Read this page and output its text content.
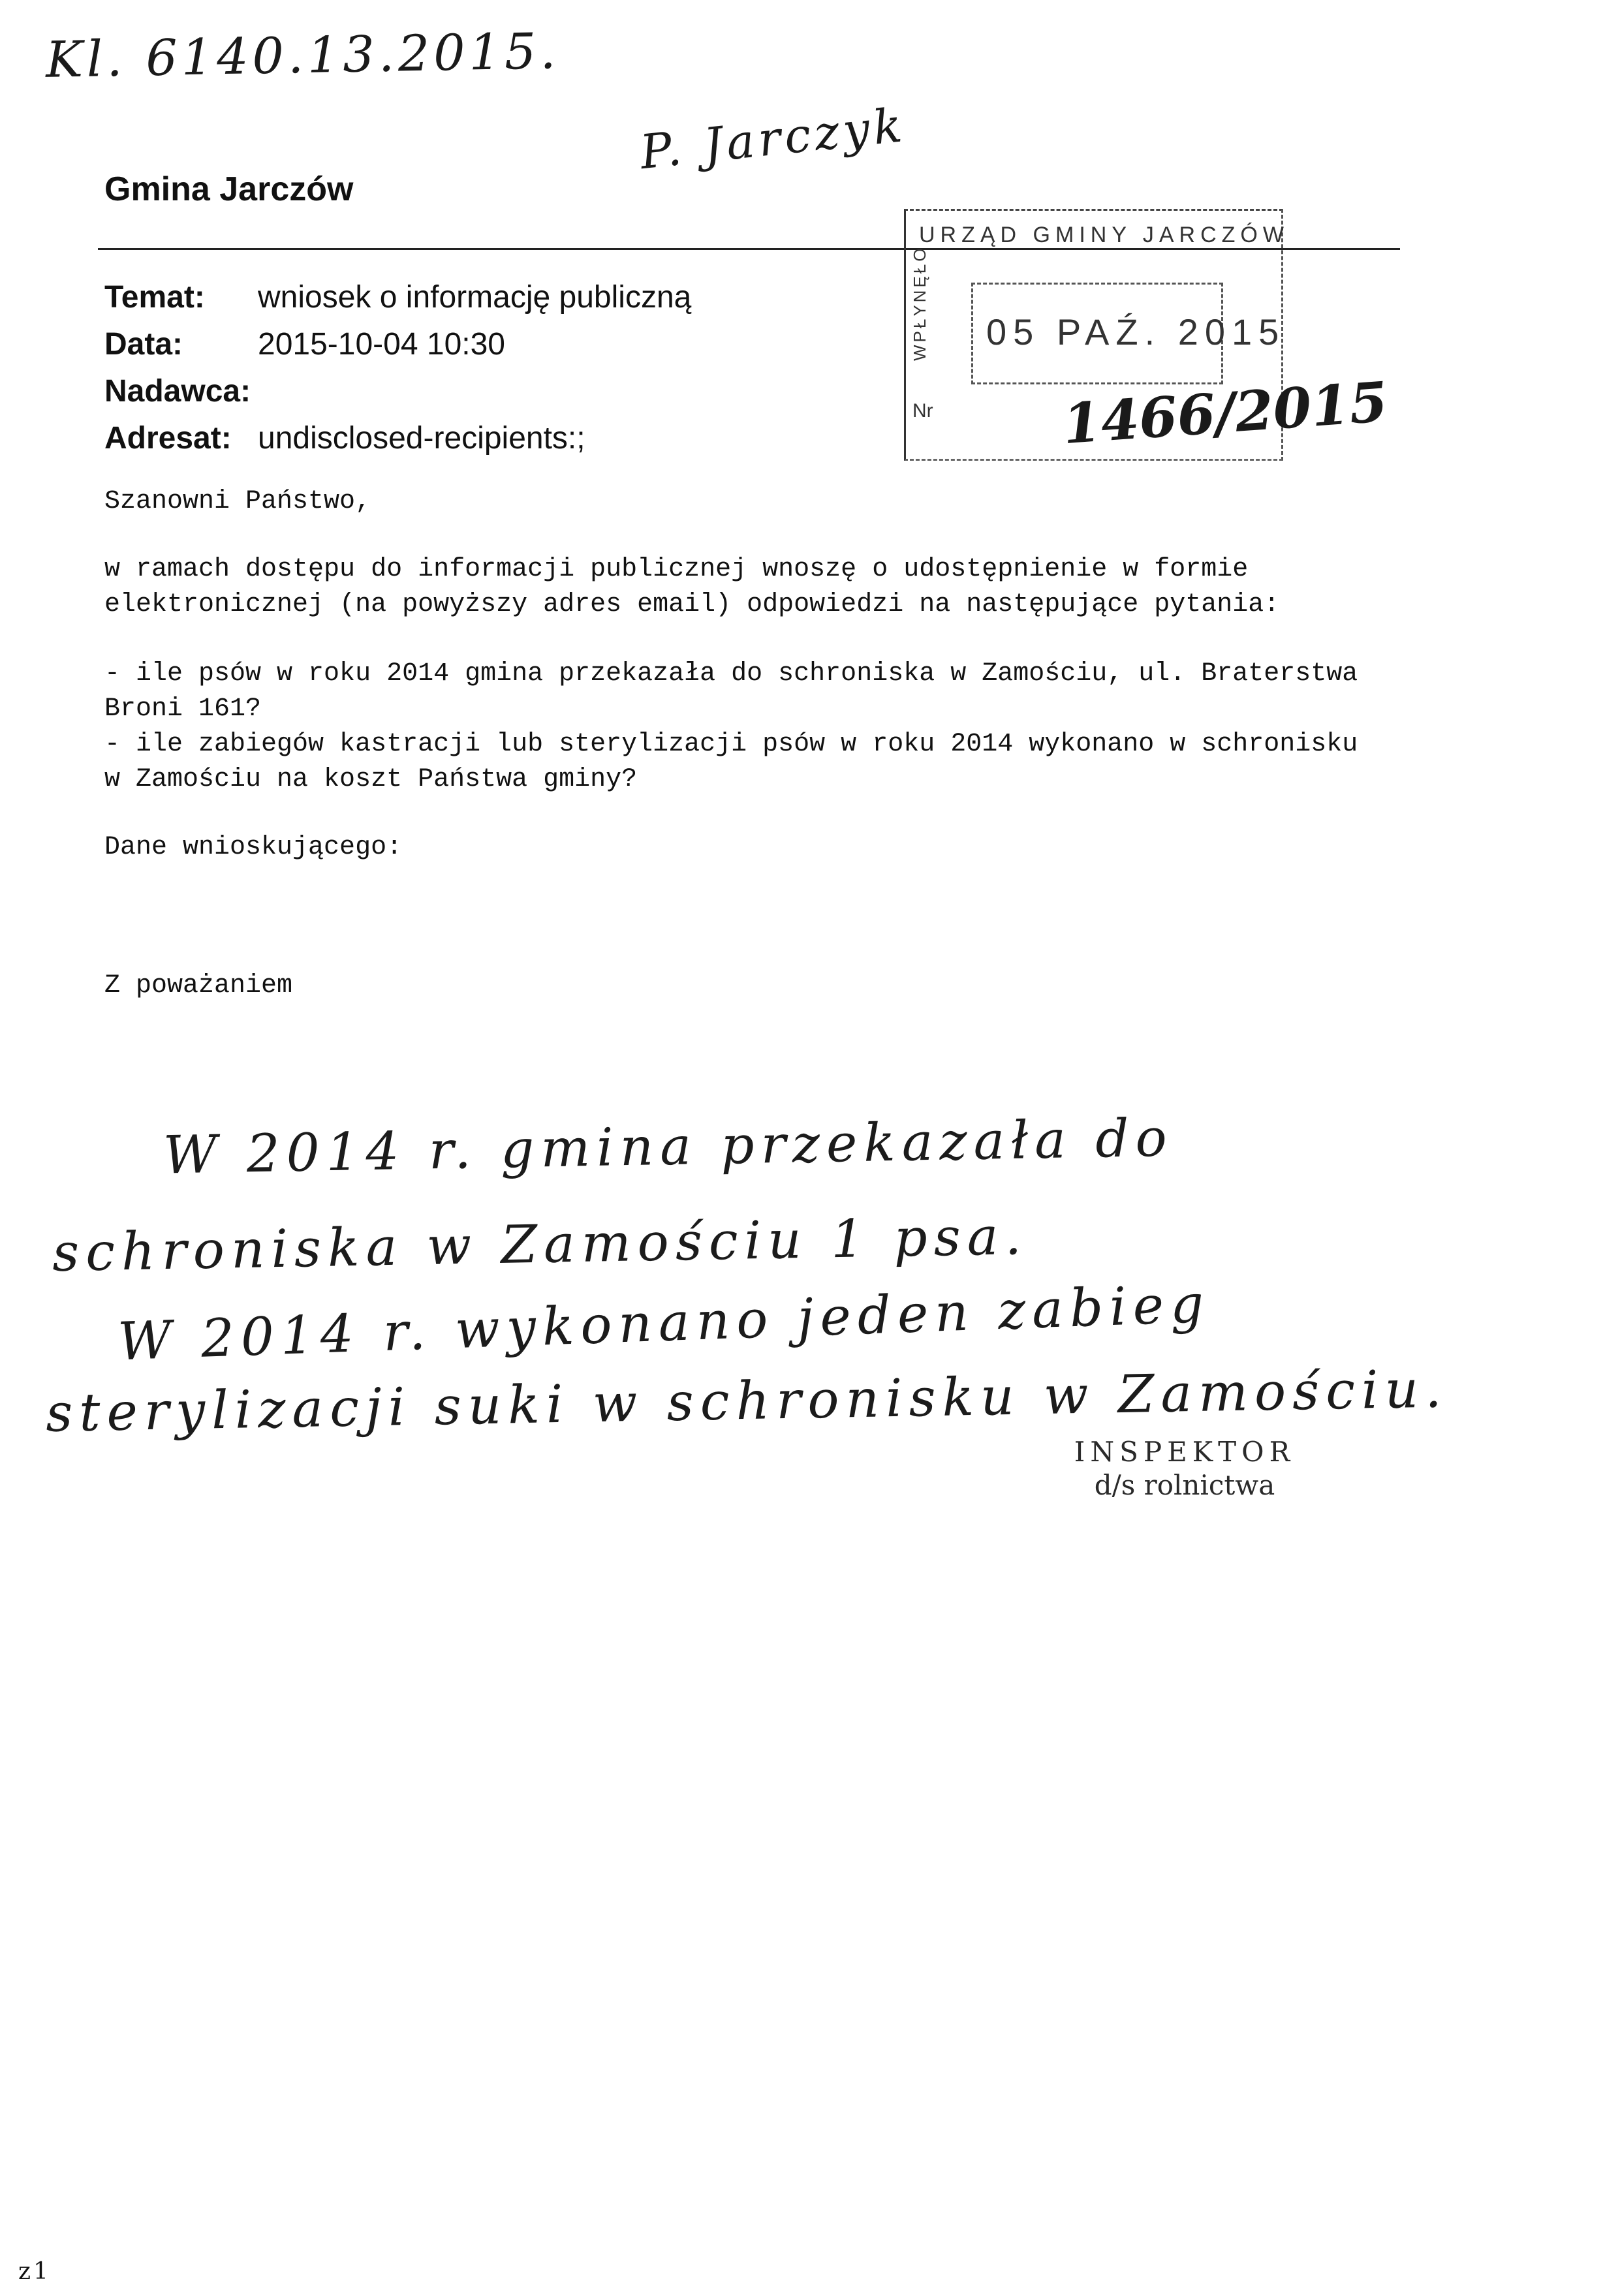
Kl. 6140.13.2015.
P. Jarczyk
Gmina Jarczów
Temat:	wniosek o informację publiczną
Data:	2015-10-04 10:30
Nadawca:
Adresat: undisclosed-recipients:;
URZĄD GMINY JARCZÓW
WPŁYNĘŁO 05 PAŹ. 2015
Nr 1466/2015

Szanowni Państwo,

w ramach dostępu do informacji publicznej wnoszę o udostępnienie w formie
elektronicznej (na powyższy adres email) odpowiedzi na następujące pytania:

- ile psów w roku 2014 gmina przekazała do schroniska w Zamościu, ul. Braterstwa
Broni 161?

- ile zabiegów kastracji lub sterylizacji psów w roku 2014 wykonano w schronisku
w Zamościu na koszt Państwa gminy?

Dane wnioskującego:

Z poważaniem

W 2014 r. gmina przekazała do
schroniska w Zamościu 1 psa.
W 2014 r. wykonano jeden zabieg
sterylizacji suki w schronisku w Zamościu.
INSPEKTOR
d/s rolnictwa
z1
